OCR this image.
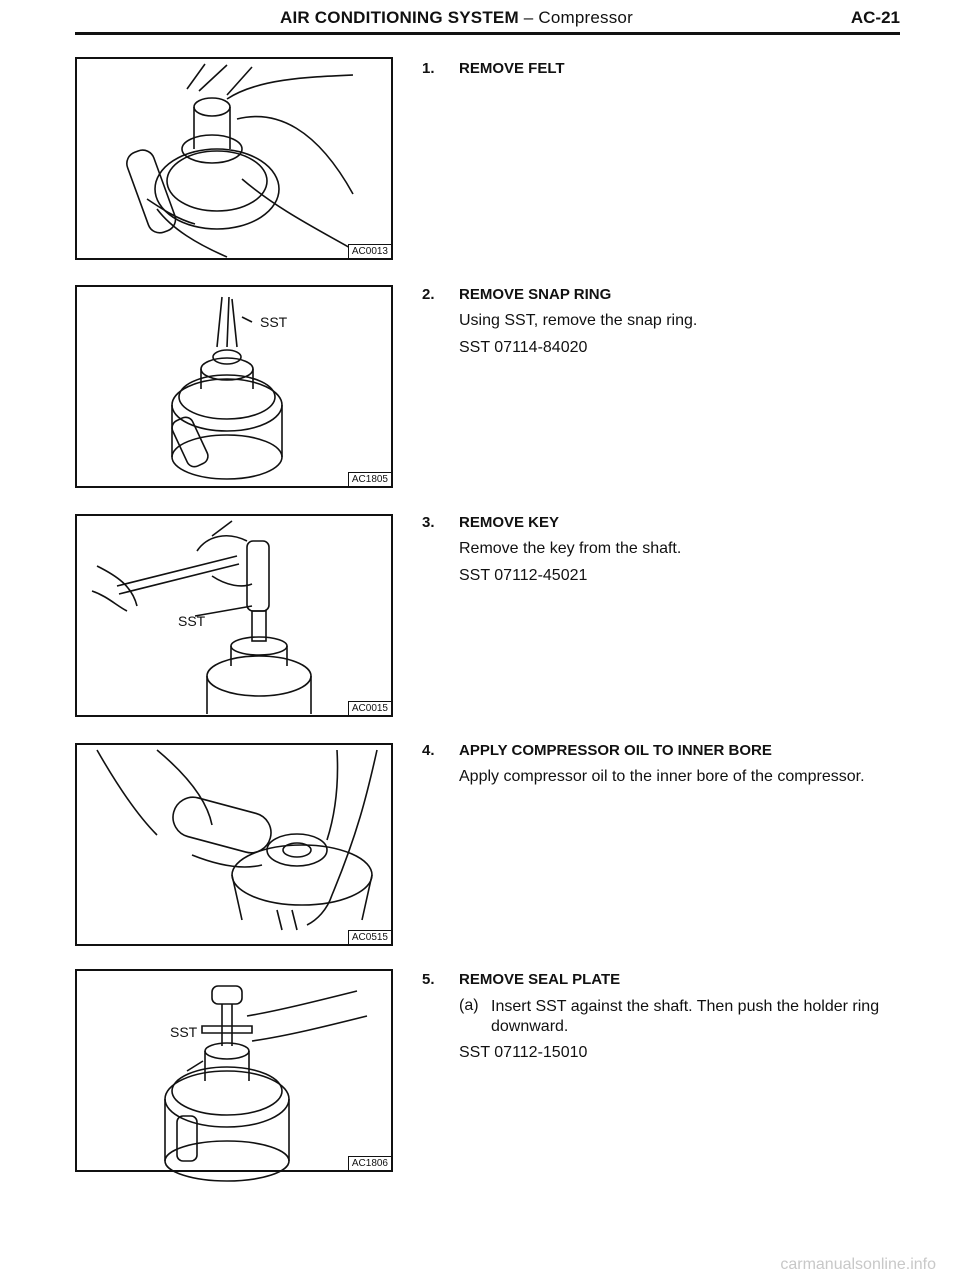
AIR CONDITIONING SYSTEM – Compressor	AC-21
AC0013
SST
AC1805
SST
AC0015
AC0515
SST
AC1806
1. REMOVE FELT
2. REMOVE SNAP RING
Using SST, remove the snap ring.
SST 07114-84020
3. REMOVE KEY
Remove the key from the shaft.
SST 07112-45021
4. APPLY COMPRESSOR OIL TO INNER BORE
Apply compressor oil to the inner bore of the compressor.
5. REMOVE SEAL PLATE
(a) Insert SST against the shaft. Then push the holder ring downward.
SST 07112-15010
carmanualsonline.info
